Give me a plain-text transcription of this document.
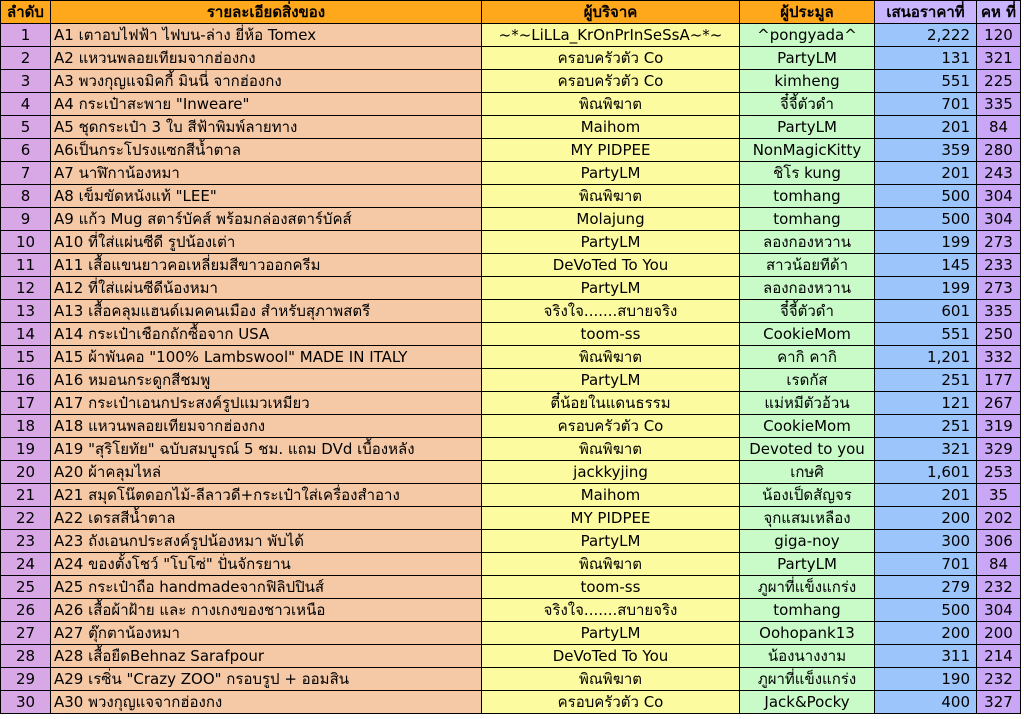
ลำดับ	รายละเอียดสิ่งของ	ผู้บริจาค	ผู้ประมูล	เสนอราคาที่	คห ที่
1	A1 เตาอบไฟฟ้า ไฟบน-ล่าง ยี่ห้อ Tomex	~*~LiLLa_KrOnPrInSeSsA~*~	^pongyada^	2,222	120
2	A2 แหวนพลอยเทียมจากฮ่องกง	ครอบครัวตัว Co	PartyLM	131	321
3	A3 พวงกุญแจมิคกี้ มินนี่ จากฮ่องกง	ครอบครัวตัว Co	kimheng	551	225
4	A4 กระเป๋าสะพาย "Inweare"	พิณพิฆาต	จี๋จี้ตัวดำ	701	335
5	A5 ชุดกระเป๋า 3 ใบ สีฟ้าพิมพ์ลายทาง	Maihom	PartyLM	201	84
6	A6เป็นกระโปรงแซกสีน้ำตาล	MY PIDPEE	NonMagicKitty	359	280
7	A7 นาฬิกาน้องหมา	PartyLM	ชิโร kung	201	243
8	A8 เข็มขัดหนังแท้ "LEE"	พิณพิฆาต	tomhang	500	304
9	A9 แก้ว Mug สตาร์บัคส์ พร้อมกล่องสตาร์บัคส์	Molajung	tomhang	500	304
10	A10 ที่ใส่แผ่นซีดี รูปน้องเต่า	PartyLM	ลองกองหวาน	199	273
11	A11 เสื้อแขนยาวคอเหลี่ยมสีขาวออกครีม	DeVoTed To You	สาวน้อยทีด้า	145	233
12	A12 ที่ใส่แผ่นซีดีน้องหมา	PartyLM	ลองกองหวาน	199	273
13	A13 เสื้อคลุมแฮนด์เมคคนเมือง สำหรับสุภาพสตรี	จริงใจ.......สบายจริง	จี๋จี้ตัวดำ	601	335
14	A14 กระเป๋าเชือกถักซื้อจาก USA	toom-ss	CookieMom	551	250
15	A15 ผ้าพันคอ "100% Lambswool" MADE IN ITALY	พิณพิฆาต	คากิ คากิ	1,201	332
16	A16 หมอนกระดูกสีชมพู	PartyLM	เรดกัส	251	177
17	A17 กระเป๋าเอนกประสงค์รูปแมวเหมียว	ตี๋น้อยในแดนธรรม	แม่หมีตัวอ้วน	121	267
18	A18 แหวนพลอยเทียมจากฮ่องกง	ครอบครัวตัว Co	CookieMom	251	319
19	A19 "สุริโยทัย" ฉบับสมบูรณ์ 5 ชม. แถม DVd เบื้องหลัง	พิณพิฆาต	Devoted to you	321	329
20	A20 ผ้าคลุมไหล่	jackkyjing	เกษศิ	1,601	253
21	A21 สมุดโน๊ตดอกไม้-ลีลาวดี+กระเป๋าใส่เครื่องสำอาง	Maihom	น้องเป็ดสัญจร	201	35
22	A22 เดรสสีน้ำตาล	MY PIDPEE	จุกแสมเหลือง	200	202
23	A23 ถังเอนกประสงค์รูปน้องหมา พับได้	PartyLM	giga-noy	300	306
24	A24 ของตั้งโชว์ "โบโซ่" ปั่นจักรยาน	พิณพิฆาต	PartyLM	701	84
25	A25 กระเป๋าถือ handmadeจากฟิลิปปินส์	toom-ss	ภูผาที่แข็งแกร่ง	279	232
26	A26 เสื้อผ้าฝ้าย และ กางเกงของชาวเหนือ	จริงใจ.......สบายจริง	tomhang	500	304
27	A27 ตุ๊กตาน้องหมา	PartyLM	Oohopank13	200	200
28	A28 เสื้อยืดBehnaz Sarafpour	DeVoTed To You	น้องนางงาม	311	214
29	A29 เรซิ่น "Crazy ZOO" กรอบรูป + ออมสิน	พิณพิฆาต	ภูผาที่แข็งแกร่ง	190	232
30	A30 พวงกุญแจจากฮ่องกง	ครอบครัวตัว Co	Jack&Pocky	400	327
